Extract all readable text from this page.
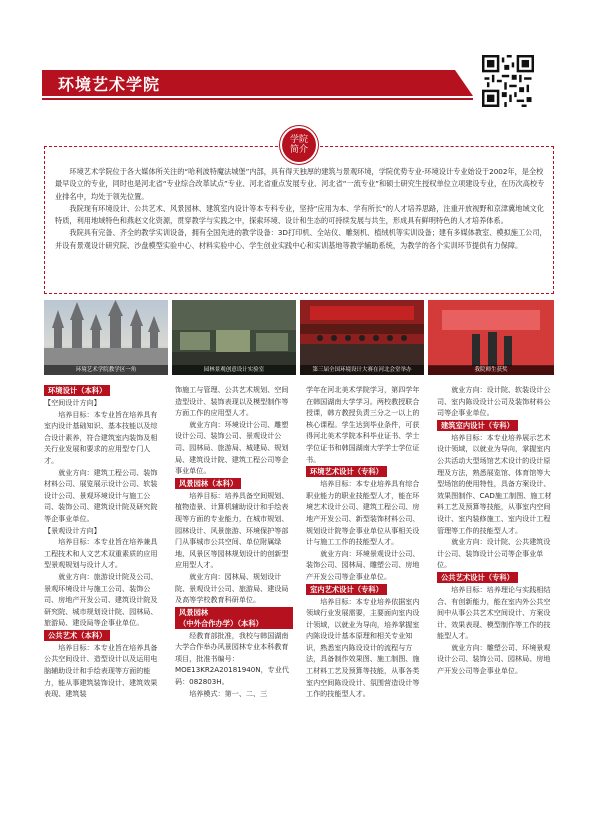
环境艺术学院
学院
简介

环境艺术学院位于各大媒体所关注的“哈利波特魔法城堡”内部，具有得天独厚的建筑与景观环境，学院优势专业-环境设计专业始设于2002年，是全校最早设立的专业，同时也是河北省“专业综合改革试点”专业、河北省重点发展专业、河北省“一流专业”和硕士研究生授权单位立项建设专业，在历次高校专业排名中，均处于领先位置。

我院现有环境设计、公共艺术、风景园林、建筑室内设计等本专科专业，坚持“应用为本、学有所长”的人才培养思路，注重开放视野和京津冀地域文化特质，利用地域特色和燕赵文化资源，贯穿教学与实践之中，探索环境、设计和生态的可持续发展与共生，形成具有鲜明特色的人才培养体系。

我院具有完备、齐全的教学实训设备，拥有全国先进的教学设备：3D打印机、全站仪、雕刻机、植绒机等实训设备；建有多媒体教室、模拟施工公司，并设有景观设计研究院、沙盘模型实验中心、材料实验中心、学生创业实践中心和实训基地等教学辅助系统，为教学的各个实训环节提供有力保障。

环境艺术学院教学区一角	园林景观创意设计实验室	第三届全国环境设计大赛在河北会堂举办	我院师生获奖
环境设计（本科）
【空间设计方向】

培养目标：本专业旨在培养具有室内设计基础知识、基本技能以及综合设计素养，符合建筑室内装饰及相关行业发展和要求的应用型专门人才。

就业方向：建筑工程公司、装饰材料公司、展览展示设计公司、软装设计公司、景观环境设计与施工公司、装饰公司、建筑设计院及研究院等企事业单位。

【景观设计方向】

培养目标：本专业旨在培养兼具工程技术和人文艺术双重素质的应用型景观规划与设计人才。

就业方向：旅游设计院及公司、景观环境设计与施工公司、装饰公司、房地产开发公司、建筑设计院及研究院、城市规划设计院、园林局、旅游局、建设局等企事业单位。

公共艺术（本科）

培养目标：本专业旨在培养具备公共空间设计、造型设计以及运用电脑辅助设计和手绘表现等方面的能力，能从事建筑装饰设计、建筑效果表现、建筑装

饰施工与管理、公共艺术规划、空间造型设计、装饰表现以及模型制作等方面工作的应用型人才。

就业方向：环境设计公司、雕塑设计公司、装饰公司、景观设计公司、园林局、旅游局、城建局、规划局、建筑设计院、建筑工程公司等企事业单位。

风景园林（本科）

培养目标：培养具备空间规划、植物造景、计算机辅助设计和手绘表现等方面的专业能力，在城市规划、园林设计、风景旅游、环境保护等部门从事城市公共空间、单位附属绿地、风景区等园林规划设计的创新型应用型人才。

就业方向：园林局、规划设计院、景观设计公司、旅游局、建设局及高等学校教育科研单位。

风景园林
（中外合作办学）（本科）

经教育部批准，我校与韩国湖南大学合作举办风景园林专业本科教育项目，批准书编号：MOE13KR2A20181940N，专业代码：082803H。

培养模式：第一、二、三

学年在河北美术学院学习，第四学年在韩国湖南大学学习。两校教授联合授课，韩方教授负责三分之一以上的核心课程。学生达到毕业条件，可获得河北美术学院本科毕业证书、学士学位证书和韩国湖南大学学士学位证书。

环境艺术设计（专科）

培养目标：本专业培养具有综合职业能力的职业技能型人才，能在环境艺术设计公司、建筑工程公司、房地产开发公司、新型装饰材料公司、规划设计院等企事业单位从事相关设计与施工工作的技能型人才。

就业方向：环境景观设计公司、装饰公司、园林局、雕塑公司、房地产开发公司等企事业单位。

室内艺术设计（专科）

培养目标：本专业培养依据室内领域行业发展需要，主要面向室内设计领域，以就业为导向，培养掌握室内陈设设计基本原理和相关专业知识，熟悉室内陈设设计的流程与方法，具备制作效果图、施工制图、施工材料工艺及预算等技能，从事各类室内空间陈设设计、氛围营造设计等工作的技能型人才。

就业方向：设计院、软装设计公司、室内陈设设计公司及装饰材料公司等企事业单位。

建筑室内设计（专科）

培养目标：本专业培养展示艺术设计领域，以就业为导向，掌握室内公共活动大型场馆艺术设计的设计原理及方法，熟悉展览馆、体育馆等大型场馆的使用特性，具备方案设计、效果图制作、CAD施工制图、施工材料工艺及预算等技能，从事室内空间设计、室内装修施工、室内设计工程管理等工作的技能型人才。

就业方向：设计院、公共建筑设计公司、装饰设计公司等企事业单位。

公共艺术设计（专科）

培养目标：培养理论与实践相结合、有创新能力，能在室内外公共空间中从事公共艺术空间设计、方案设计、效果表现、模型制作等工作的技能型人才。

就业方向：雕塑公司、环境景观设计公司、装饰公司、园林局、房地产开发公司等企事业单位。
